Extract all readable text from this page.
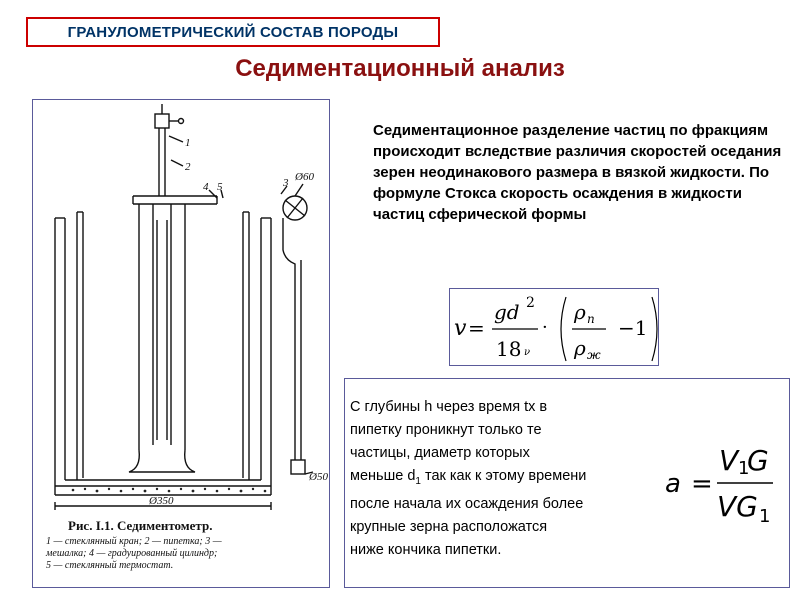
ГРАНУЛОМЕТРИЧЕСКИЙ СОСТАВ ПОРОДЫ
Седиментационный анализ
1
2
4 5	3 Ø60
Ø50
Ø350
Рис. I.1. Седиментометр.
1 — стеклянный кран; 2 — пипетка; 3 —
мешалка; 4 — градуированный цилиндр;
5 — стеклянный термостат.
Седиментационное разделение частиц по фракциям происходит вследствие различия скоростей оседания зерен неодинакового размера в вязкой жидкости. По формуле Стокса скорость осаждения в жидкости частиц сферической формы
v =
gd 2
18 ν
·
ρ п
ρ ж
−1
С глубины h через время tx в
пипетку проникнут только те
частицы, диаметр которых
меньше $d_1$ так как к этому времени
после начала их осаждения более
крупные зерна расположатся
ниже кончика пипетки.
a =
V 1
G
VG 1
